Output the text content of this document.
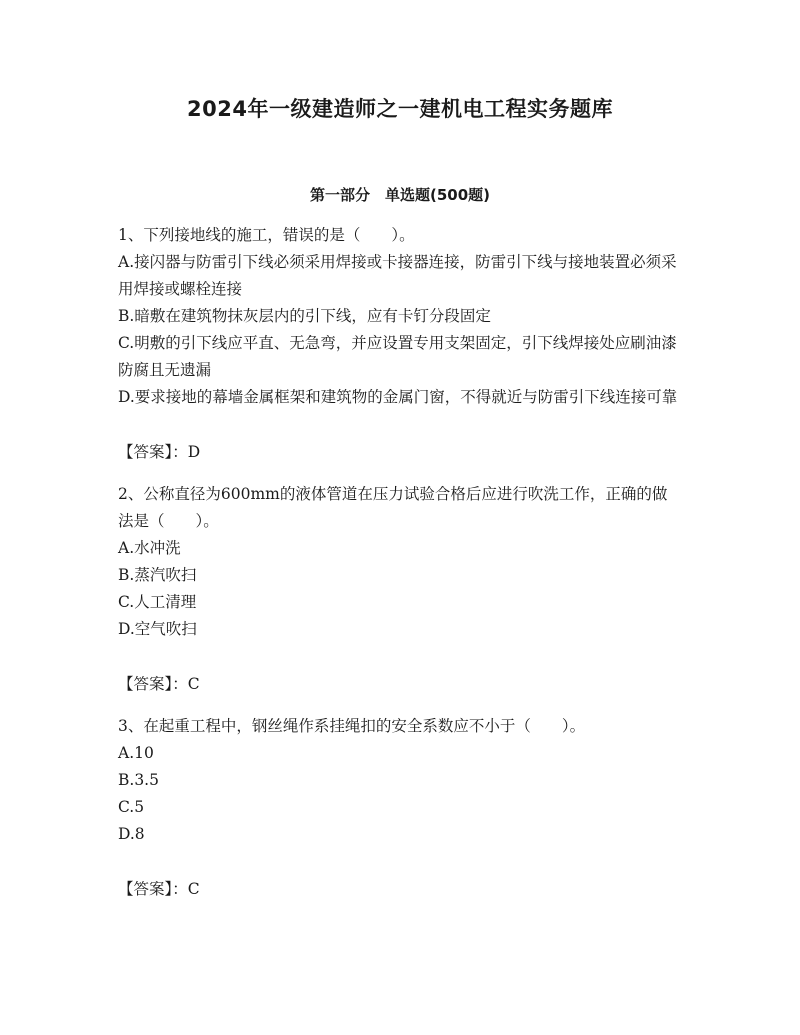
2024年一级建造师之一建机电工程实务题库
第一部分　单选题(500题)

1、下列接地线的施工，错误的是（　　）。

A.接闪器与防雷引下线必须采用焊接或卡接器连接，防雷引下线与接地装置必须采用焊接或螺栓连接

B.暗敷在建筑物抹灰层内的引下线，应有卡钉分段固定

C.明敷的引下线应平直、无急弯，并应设置专用支架固定，引下线焊接处应刷油漆防腐且无遗漏

D.要求接地的幕墙金属框架和建筑物的金属门窗，不得就近与防雷引下线连接可靠

【答案】：D

2、公称直径为600mm的液体管道在压力试验合格后应进行吹洗工作，正确的做法是（　　）。

A.水冲洗

B.蒸汽吹扫

C.人工清理

D.空气吹扫

【答案】：C

3、在起重工程中，钢丝绳作系挂绳扣的安全系数应不小于（　　）。

A.10

B.3.5

C.5

D.8

【答案】：C
